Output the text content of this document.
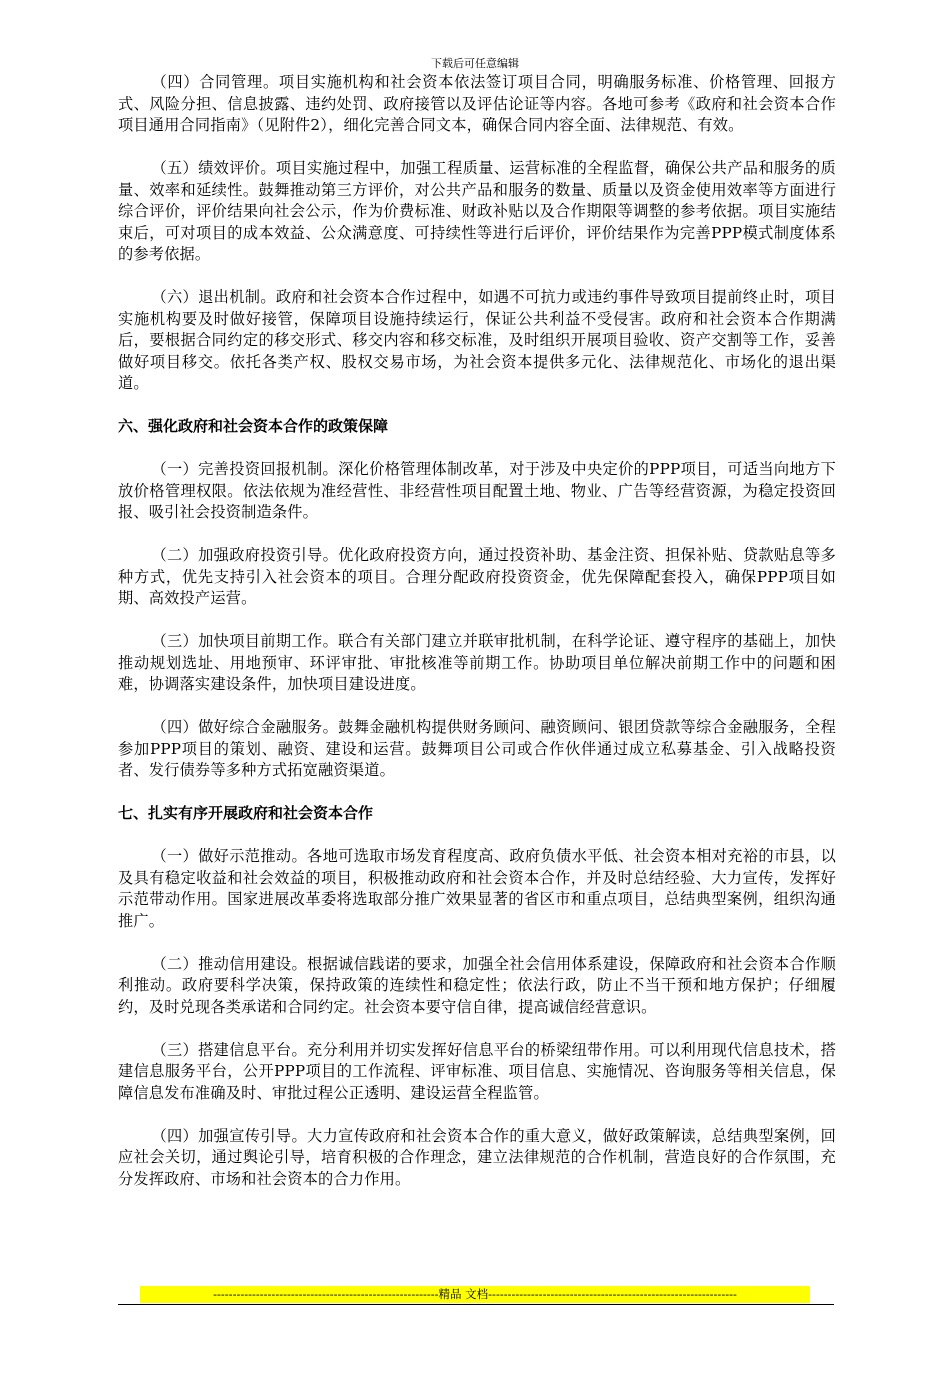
下载后可任意编辑

（四）合同管理。项目实施机构和社会资本依法签订项目合同，明确服务标准、价格管理、回报方式、风险分担、信息披露、违约处罚、政府接管以及评估论证等内容。各地可参考《政府和社会资本合作项目通用合同指南》（见附件2），细化完善合同文本，确保合同内容全面、法律规范、有效。

（五）绩效评价。项目实施过程中，加强工程质量、运营标准的全程监督，确保公共产品和服务的质量、效率和延续性。鼓舞推动第三方评价，对公共产品和服务的数量、质量以及资金使用效率等方面进行综合评价，评价结果向社会公示，作为价费标准、财政补贴以及合作期限等调整的参考依据。项目实施结束后，可对项目的成本效益、公众满意度、可持续性等进行后评价，评价结果作为完善PPP模式制度体系的参考依据。

（六）退出机制。政府和社会资本合作过程中，如遇不可抗力或违约事件导致项目提前终止时，项目实施机构要及时做好接管，保障项目设施持续运行，保证公共利益不受侵害。政府和社会资本合作期满后，要根据合同约定的移交形式、移交内容和移交标准，及时组织开展项目验收、资产交割等工作，妥善做好项目移交。依托各类产权、股权交易市场，为社会资本提供多元化、法律规范化、市场化的退出渠道。

六、强化政府和社会资本合作的政策保障

（一）完善投资回报机制。深化价格管理体制改革，对于涉及中央定价的PPP项目，可适当向地方下放价格管理权限。依法依规为准经营性、非经营性项目配置土地、物业、广告等经营资源，为稳定投资回报、吸引社会投资制造条件。

（二）加强政府投资引导。优化政府投资方向，通过投资补助、基金注资、担保补贴、贷款贴息等多种方式，优先支持引入社会资本的项目。合理分配政府投资资金，优先保障配套投入，确保PPP项目如期、高效投产运营。

（三）加快项目前期工作。联合有关部门建立并联审批机制，在科学论证、遵守程序的基础上，加快推动规划选址、用地预审、环评审批、审批核准等前期工作。协助项目单位解决前期工作中的问题和困难，协调落实建设条件，加快项目建设进度。

（四）做好综合金融服务。鼓舞金融机构提供财务顾问、融资顾问、银团贷款等综合金融服务，全程参加PPP项目的策划、融资、建设和运营。鼓舞项目公司或合作伙伴通过成立私募基金、引入战略投资者、发行债券等多种方式拓宽融资渠道。

七、扎实有序开展政府和社会资本合作

（一）做好示范推动。各地可选取市场发育程度高、政府负债水平低、社会资本相对充裕的市县，以及具有稳定收益和社会效益的项目，积极推动政府和社会资本合作，并及时总结经验、大力宣传，发挥好示范带动作用。国家进展改革委将选取部分推广效果显著的省区市和重点项目，总结典型案例，组织沟通推广。

（二）推动信用建设。根据诚信践诺的要求，加强全社会信用体系建设，保障政府和社会资本合作顺利推动。政府要科学决策，保持政策的连续性和稳定性；依法行政，防止不当干预和地方保护；仔细履约，及时兑现各类承诺和合同约定。社会资本要守信自律，提高诚信经营意识。

（三）搭建信息平台。充分利用并切实发挥好信息平台的桥梁纽带作用。可以利用现代信息技术，搭建信息服务平台，公开PPP项目的工作流程、评审标准、项目信息、实施情况、咨询服务等相关信息，保障信息发布准确及时、审批过程公正透明、建设运营全程监管。

（四）加强宣传引导。大力宣传政府和社会资本合作的重大意义，做好政策解读，总结典型案例，回应社会关切，通过舆论引导，培育积极的合作理念，建立法律规范的合作机制，营造良好的合作氛围，充分发挥政府、市场和社会资本的合力作用。

----------------------------------------------------------精品 文档----------------------------------------------------------------
